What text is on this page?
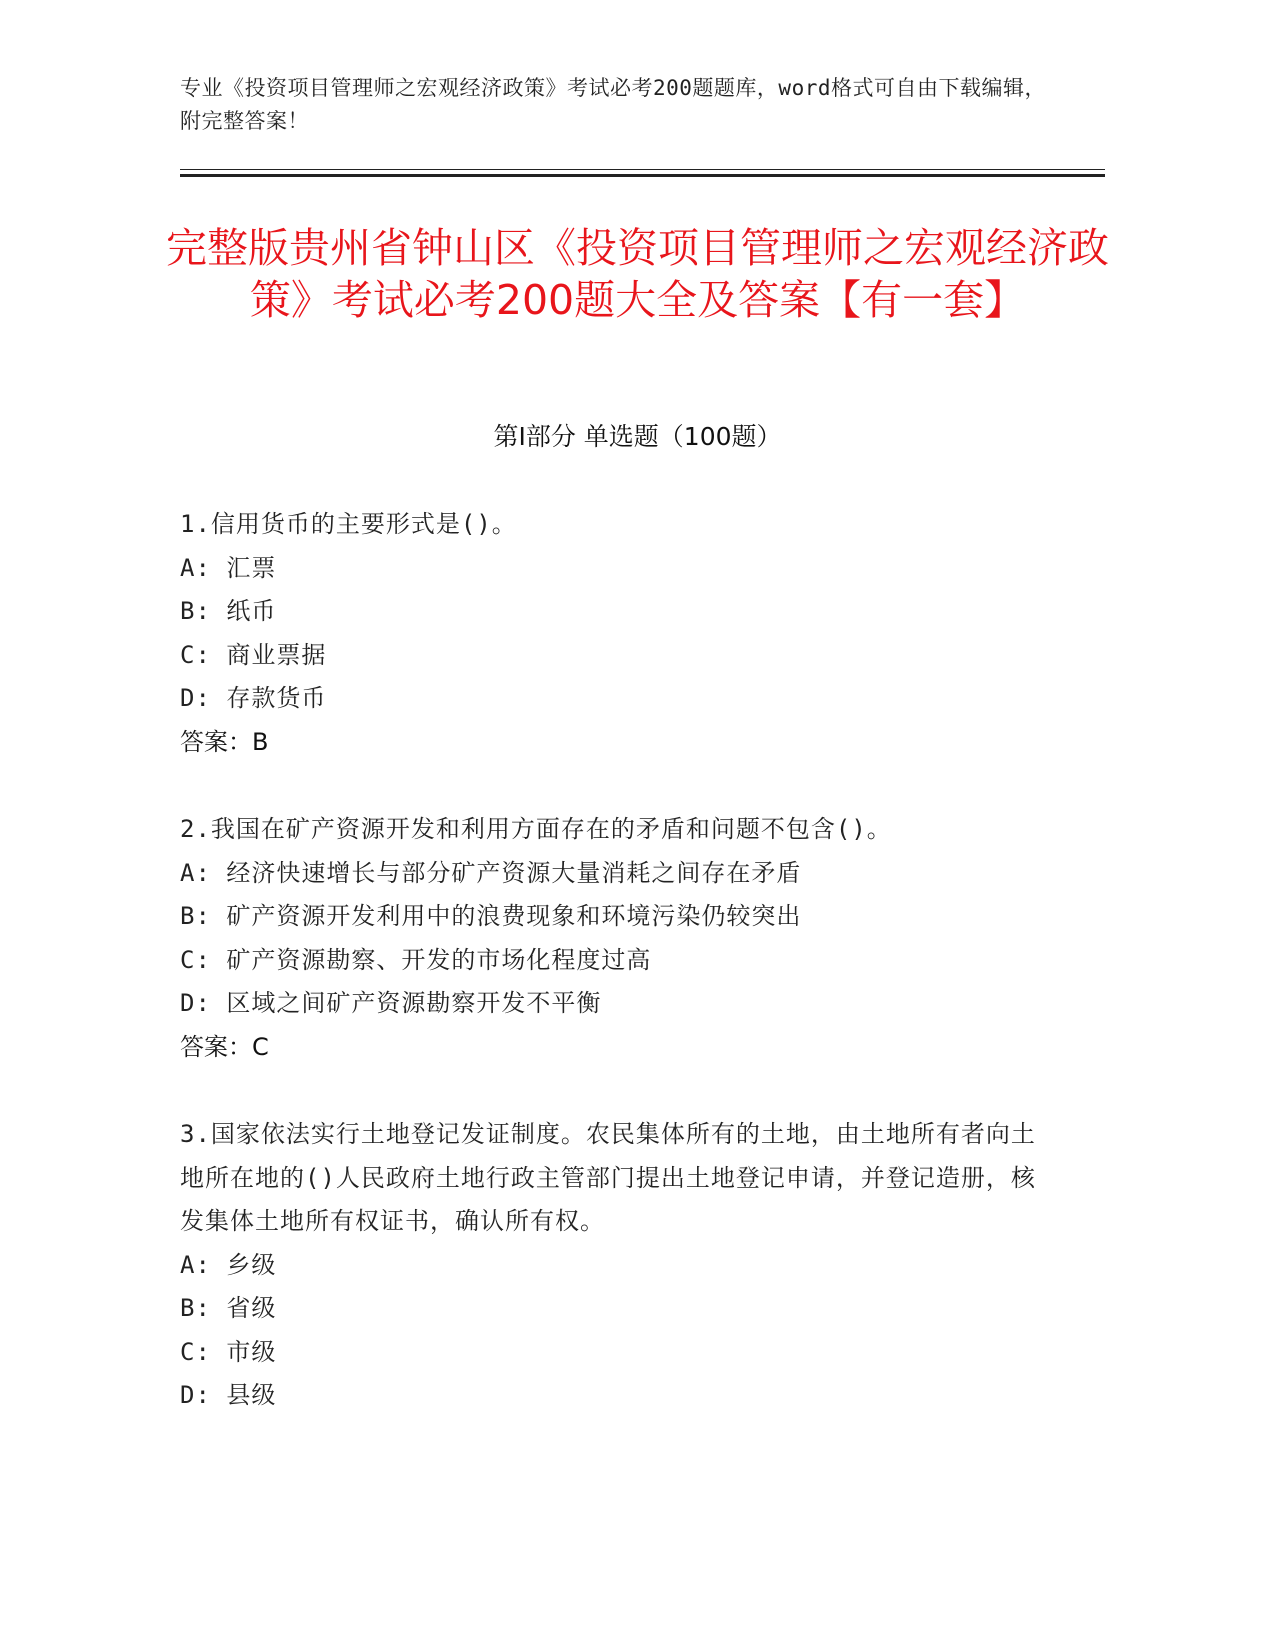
专业《投资项目管理师之宏观经济政策》考试必考200题题库，word格式可自由下载编辑，附完整答案！
完整版贵州省钟山区《投资项目管理师之宏观经济政策》考试必考200题大全及答案【有一套】
第I部分 单选题（100题）

1.信用货币的主要形式是()。

A: 汇票

B: 纸币

C: 商业票据

D: 存款货币

答案：B

2.我国在矿产资源开发和利用方面存在的矛盾和问题不包含()。

A: 经济快速增长与部分矿产资源大量消耗之间存在矛盾

B: 矿产资源开发利用中的浪费现象和环境污染仍较突出

C: 矿产资源勘察、开发的市场化程度过高

D: 区域之间矿产资源勘察开发不平衡

答案：C

3.国家依法实行土地登记发证制度。农民集体所有的土地，由土地所有者向土地所在地的()人民政府土地行政主管部门提出土地登记申请，并登记造册，核发集体土地所有权证书，确认所有权。

A: 乡级

B: 省级

C: 市级

D: 县级
